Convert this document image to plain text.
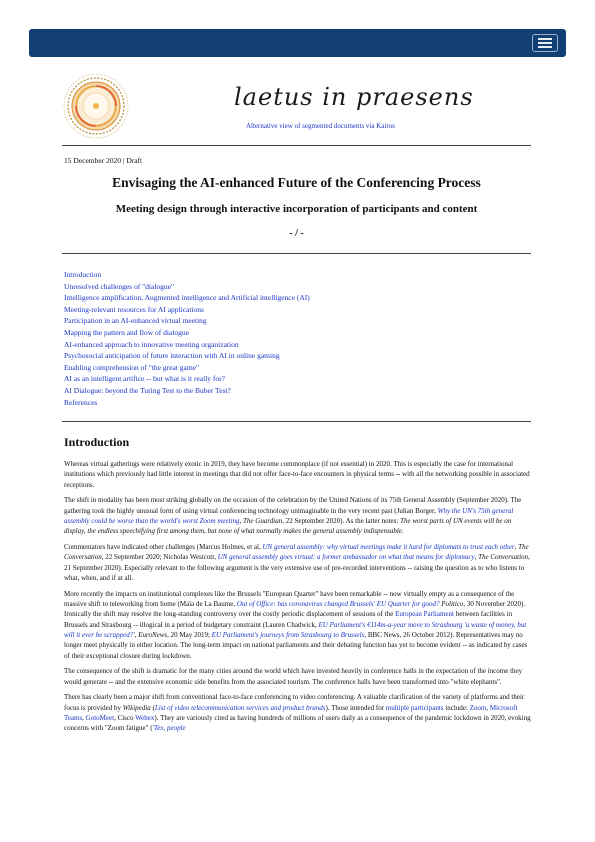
laetus in praesens
Alternative view of segmented documents via Kairos
15 December 2020 | Draft
Envisaging the AI-enhanced Future of the Conferencing Process
Meeting design through interactive incorporation of participants and content
- / -
Introduction
Unresolved challenges of "dialogue"
Intelligence amplification, Augmented intelligence and Artificial intelligence (AI)
Meeting-relevant resources for AI applications
Participation in an AI-enhanced virtual meeting
Mapping the pattern and flow of dialogue
AI-enhanced approach to innovative meeting organization
Psychosocial anticipation of future interaction with AI in online gaming
Enabling comprehension of "the great game"
AI as an intelligent artifice -- but what is it really for?
AI Dialogue: beyond the Turing Test to the Buber Test?
References
Introduction

Whereas virtual gatherings were relatively exotic in 2019, they have become commonplace (if not essential) in 2020. This is especially the case for international institutions which previously had little interest in meetings that did not offer face-to-face encounters in physical terms -- with all the networking possible in associated receptions.

The shift in modality has been most striking globally on the occasion of the celebration by the United Nations of its 75th General Assembly (September 2020). The gathering took the highly unusual form of using virtual conferencing technology unimaginable in the very recent past (Julian Borger, Why the UN's 75th general assembly could be worse than the world's worst Zoom meeting, The Guardian, 22 September 2020). As the latter notes: The worst parts of UN events will be on display, the endless speechifying first among them, but none of what normally makes the general assembly indispensable.

Commentators have indicated other challenges (Marcus Holmes, et al, UN general assembly: why virtual meetings make it hard for diplomats to trust each other, The Conversation, 22 September 2020; Nicholas Westcott, UN general assembly goes virtual: a former ambassador on what that means for diplomacy, The Conversation, 21 September 2020). Especially relevant to the following argument is the very extensive use of pre-recorded interventions -- raising the question as to who listens to what, when, and if at all.

More recently the impacts on institutional complexes like the Brussels "European Quarter" have been remarkable -- now virtually empty as a consequence of the massive shift to teleworking from home (Maïa de La Baume, Out of Office: has coronavirus changed Brussels' EU Quarter for good? Politico, 30 November 2020). Ironically the shift may resolve the long-standing controversy over the costly periodic displacement of sessions of the European Parliament between facilities in Brussels and Strasbourg -- illogical in a period of budgetary constraint (Lauren Chadwick, EU Parliament's €114m-a-year move to Strasbourg 'a waste of money, but will it ever be scrapped?', EuroNews, 20 May 2019; EU Parliament's journeys from Strasbourg to Brussels, BBC News, 26 October 2012). Representatives may no longer meet physically in either location. The long-term impact on national parliaments and their debating function has yet to become evident -- as indicated by cases of their exceptional closure during lockdown.

The consequence of the shift is dramatic for the many cities around the world which have invested heavily in conference halls in the expectation of the income they would generate -- and the extensive economic side benefits from the associated tourism. The conference halls have been transformed into "white elephants".

There has clearly been a major shift from conventional face-to-face conferencing to video conferencing. A valuable clarification of the variety of platforms and their focus is provided by Wikipedia (List of video telecommunication services and product brands). Those intended for multiple participants include: Zoom, Microsoft Teams, GotoMeet, Cisco Webex). They are variously cited as having hundreds of millions of users daily as a consequence of the pandemic lockdown in 2020, evoking concerns with "Zoom fatigue" ('Tex, people
